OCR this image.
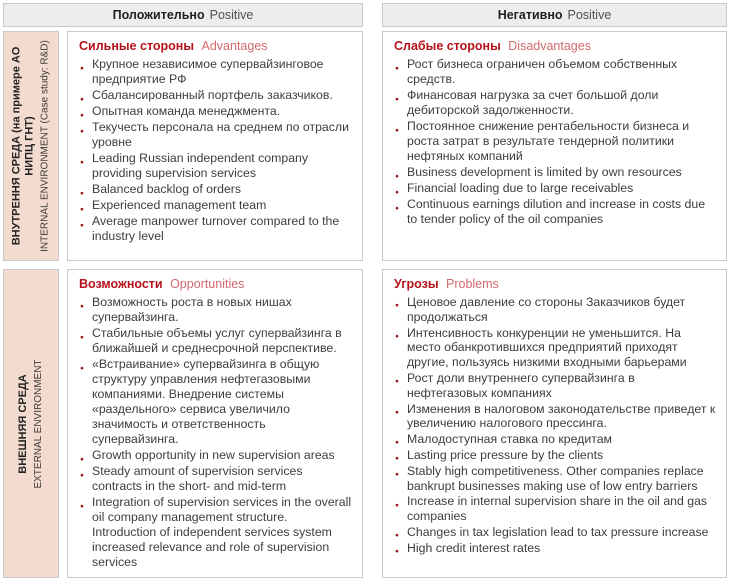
Положительно Positive	Негативно Positive
ВНУТРЕННЯ СРЕДА (на примере АО НИПЦ ГНТ) INTERNAL ENVIRONMENT (Case study: R&D) Сильные стороны Advantages
● Крупное независимое супервайзинговое предприятие РФ
● Сбалансированный портфель заказчиков.
● Опытная команда менеджмента.
● Текучесть персонала на среднем по отрасли уровне
● Leading Russian independent company providing supervision services
● Balanced backlog of orders
● Experienced management team
● Average manpower turnover compared to the industry level
Слабые стороны Disadvantages
● Рост бизнеса ограничен объемом собственных средств.
● Финансовая нагрузка за счет большой доли дебиторской задолженности.
● Постоянное снижение рентабельности бизнеса и роста затрат в результате тендерной политики нефтяных компаний
● Business development is limited by own resources
● Financial loading due to large receivables
● Continuous earnings dilution and increase in costs due to tender policy of the oil companies
ВНЕШНЯЯ СРЕДА EXTERNAL ENVIRONMENT
Возможности Opportunities
● Возможность роста в новых нишах супервайзинга.
● Стабильные объемы услуг супервайзинга в ближайшей и среднесрочной перспективе.
● «Встраивание» супервайзинга в общую структуру управления нефтегазовыми компаниями. Внедрение системы «раздельного» сервиса увеличило значимость и ответственность супервайзинга.
● Growth opportunity in new supervision areas
● Steady amount of supervision services contracts in the short- and mid-term
● Integration of supervision services in the overall oil company management structure. Introduction of independent services system increased relevance and role of supervision services
Угрозы Problems
● Ценовое давление со стороны Заказчиков будет продолжаться
● Интенсивность конкуренции не уменьшится. На место обанкротившихся предприятий приходят другие, пользуясь низкими входными барьерами
● Рост доли внутреннего супервайзинга в нефтегазовых компаниях
● Изменения в налоговом законодательстве приведет к увеличению налогового прессинга.
● Малодоступная ставка по кредитам
● Lasting price pressure by the clients
● Stably high competitiveness. Other companies replace bankrupt businesses making use of low entry barriers
● Increase in internal supervision share in the oil and gas companies
● Changes in tax legislation lead to tax pressure increase
● High credit interest rates
